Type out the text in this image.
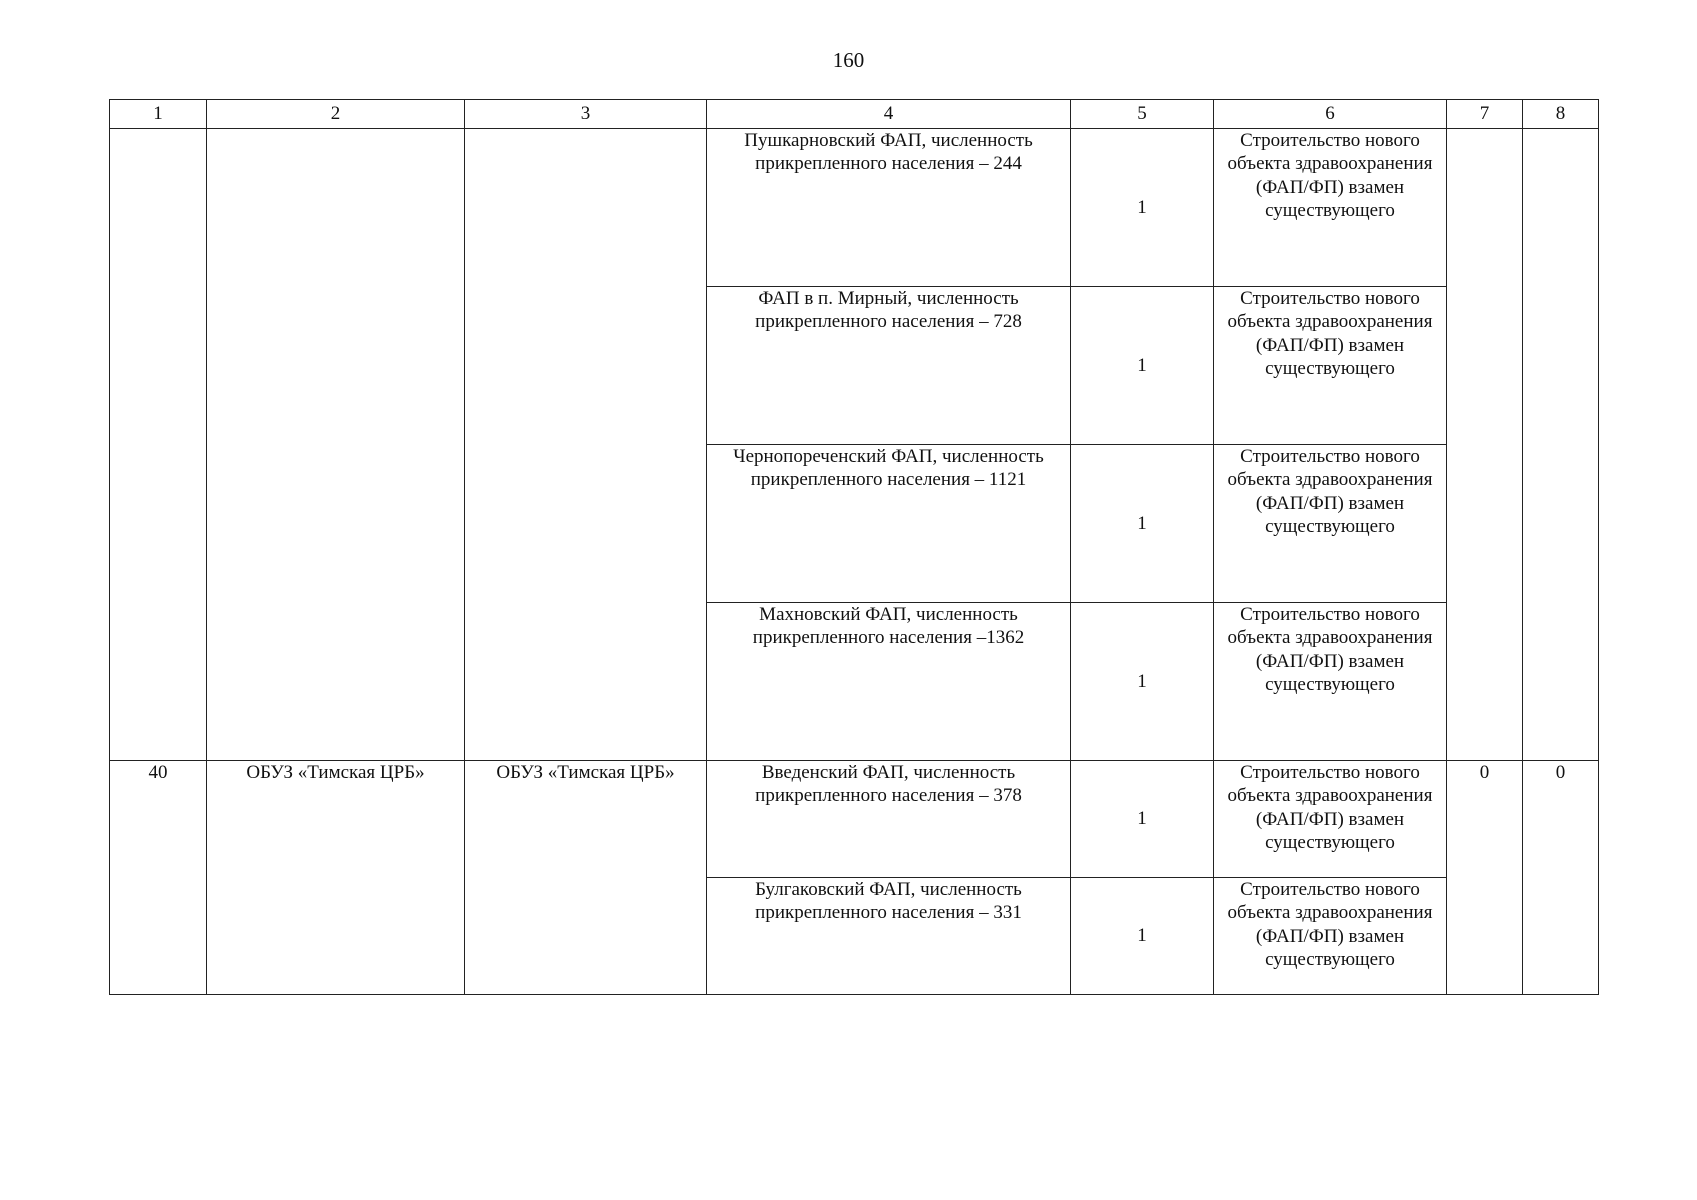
160
1	2	3	4	5	6	7	8
			Пушкарновский ФАП, численность прикрепленного населения – 244	1	Строительство нового объекта здравоохранения (ФАП/ФП) взамен существующего		
			ФАП в п. Мирный, численность прикрепленного населения – 728	1	Строительство нового объекта здравоохранения (ФАП/ФП) взамен существующего		
			Чернопореченский ФАП, численность прикрепленного населения – 1121	1	Строительство нового объекта здравоохранения (ФАП/ФП) взамен существующего		
			Махновский ФАП, численность прикрепленного населения –1362	1	Строительство нового объекта здравоохранения (ФАП/ФП) взамен существующего		
40	ОБУЗ «Тимская ЦРБ»	ОБУЗ «Тимская ЦРБ»	Введенский ФАП, численность прикрепленного населения – 378	1	Строительство нового объекта здравоохранения (ФАП/ФП) взамен существующего	0	0
			Булгаковский ФАП, численность прикрепленного населения – 331	1	Строительство нового объекта здравоохранения (ФАП/ФП) взамен существующего		
